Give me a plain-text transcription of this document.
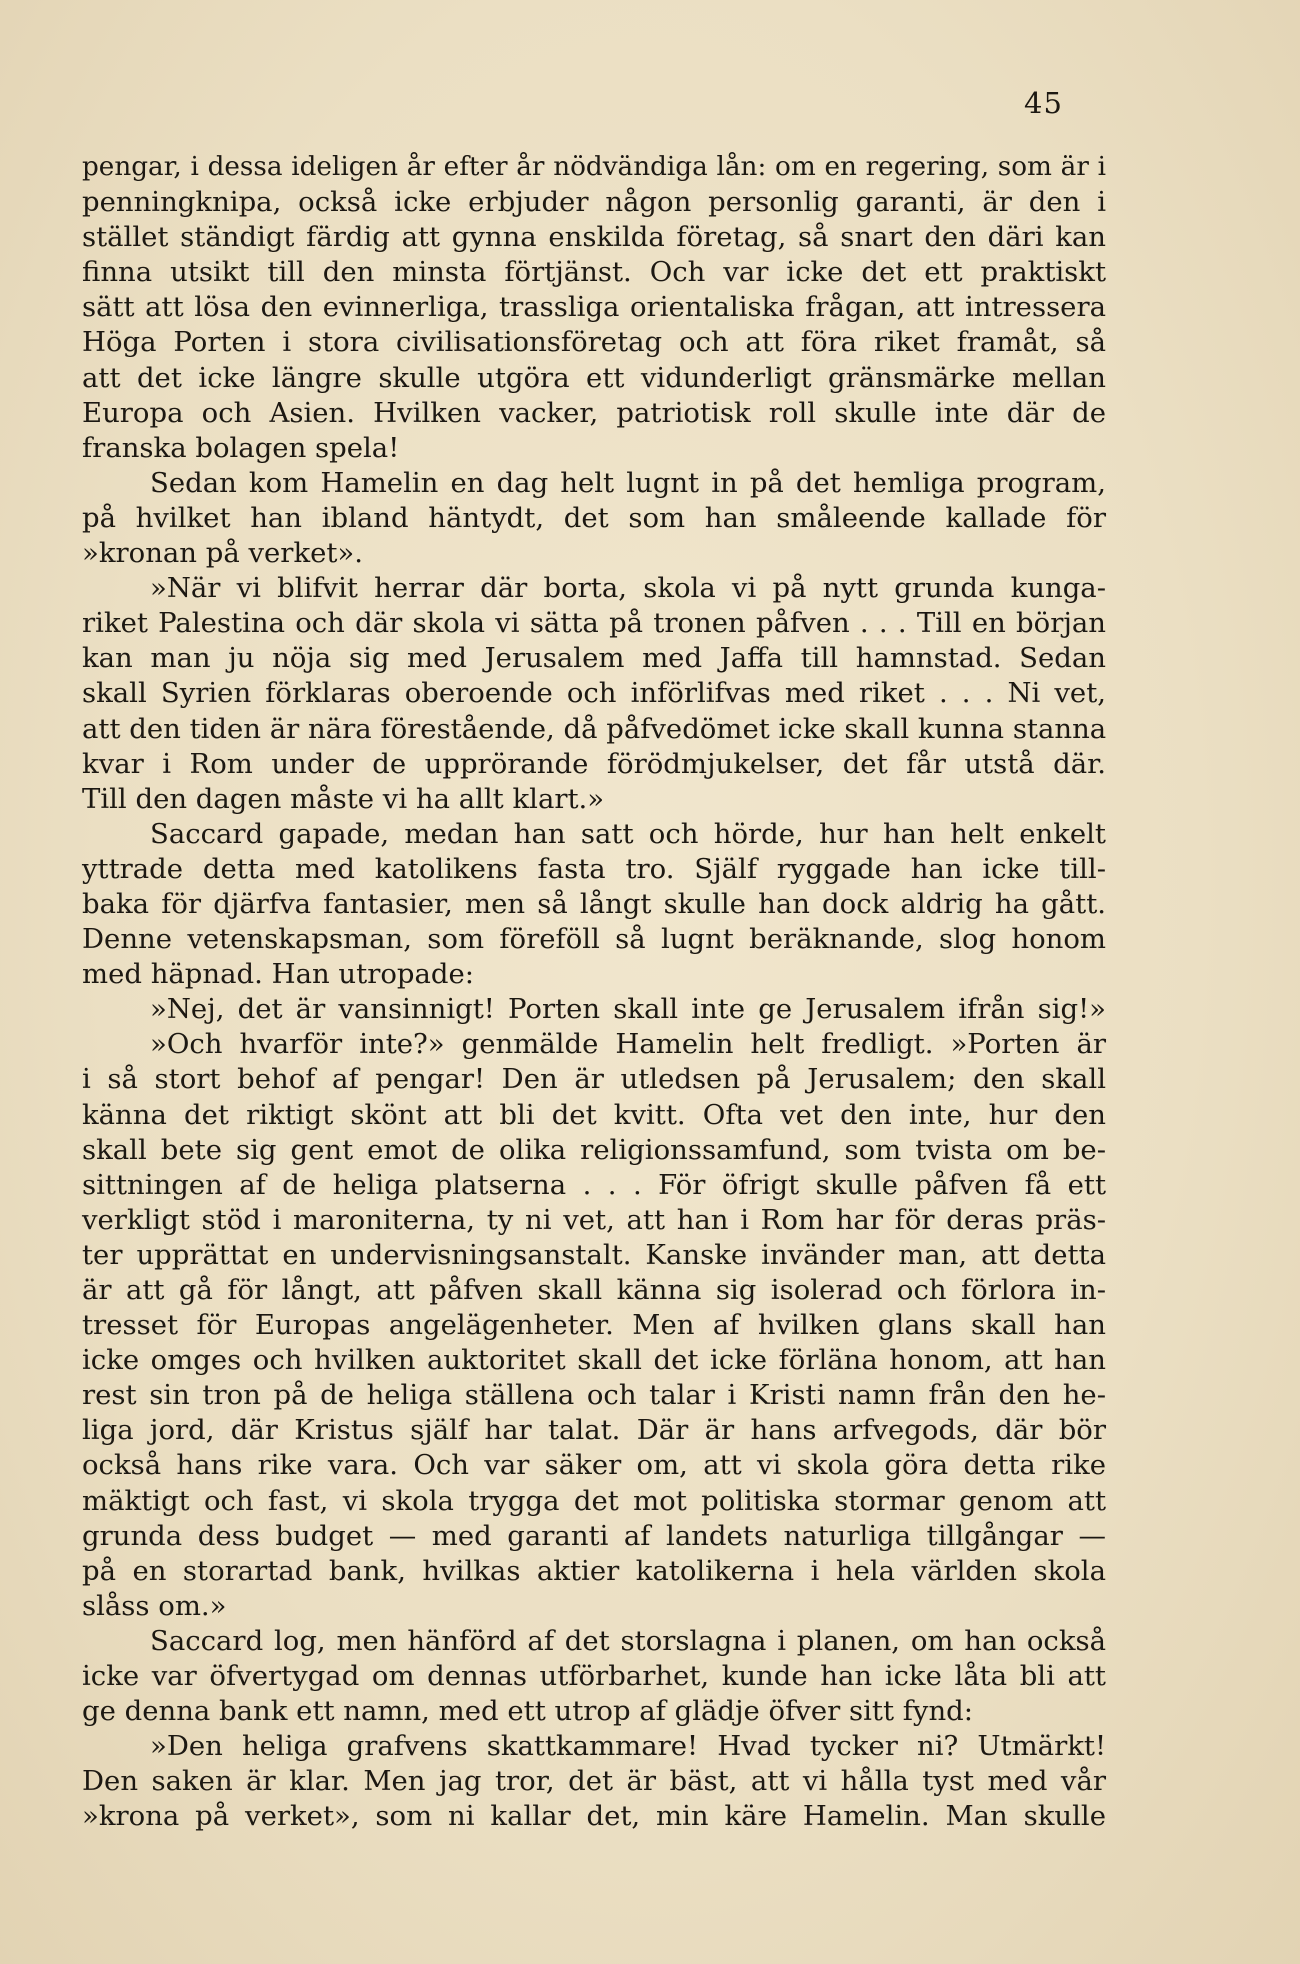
45
pengar, i dessa ideligen år efter år nödvändiga lån: om en regering, som är i
penningknipa, också icke erbjuder någon personlig garanti, är den i
stället ständigt färdig att gynna enskilda företag, så snart den däri kan
finna utsikt till den minsta förtjänst. Och var icke det ett praktiskt
sätt att lösa den evinnerliga, trassliga orientaliska frågan, att intressera
Höga Porten i stora civilisationsföretag och att föra riket framåt, så
att det icke längre skulle utgöra ett vidunderligt gränsmärke mellan
Europa och Asien. Hvilken vacker, patriotisk roll skulle inte där de
franska bolagen spela!
Sedan kom Hamelin en dag helt lugnt in på det hemliga program,
på hvilket han ibland häntydt, det som han småleende kallade för
»kronan på verket».
»När vi blifvit herrar där borta, skola vi på nytt grunda kunga-
riket Palestina och där skola vi sätta på tronen påfven . . . Till en början
kan man ju nöja sig med Jerusalem med Jaffa till hamnstad. Sedan
skall Syrien förklaras oberoende och införlifvas med riket . . . Ni vet,
att den tiden är nära förestående, då påfvedömet icke skall kunna stanna
kvar i Rom under de upprörande förödmjukelser, det får utstå där.
Till den dagen måste vi ha allt klart.»
Saccard gapade, medan han satt och hörde, hur han helt enkelt
yttrade detta med katolikens fasta tro. Själf ryggade han icke till-
baka för djärfva fantasier, men så långt skulle han dock aldrig ha gått.
Denne vetenskapsman, som föreföll så lugnt beräknande, slog honom
med häpnad. Han utropade:
»Nej, det är vansinnigt! Porten skall inte ge Jerusalem ifrån sig!»
»Och hvarför inte?» genmälde Hamelin helt fredligt. »Porten är
i så stort behof af pengar! Den är utledsen på Jerusalem; den skall
känna det riktigt skönt att bli det kvitt. Ofta vet den inte, hur den
skall bete sig gent emot de olika religionssamfund, som tvista om be-
sittningen af de heliga platserna . . . För öfrigt skulle påfven få ett
verkligt stöd i maroniterna, ty ni vet, att han i Rom har för deras präs-
ter upprättat en undervisningsanstalt. Kanske invänder man, att detta
är att gå för långt, att påfven skall känna sig isolerad och förlora in-
tresset för Europas angelägenheter. Men af hvilken glans skall han
icke omges och hvilken auktoritet skall det icke förläna honom, att han
rest sin tron på de heliga ställena och talar i Kristi namn från den he-
liga jord, där Kristus själf har talat. Där är hans arfvegods, där bör
också hans rike vara. Och var säker om, att vi skola göra detta rike
mäktigt och fast, vi skola trygga det mot politiska stormar genom att
grunda dess budget — med garanti af landets naturliga tillgångar —
på en storartad bank, hvilkas aktier katolikerna i hela världen skola
slåss om.»
Saccard log, men hänförd af det storslagna i planen, om han också
icke var öfvertygad om dennas utförbarhet, kunde han icke låta bli att
ge denna bank ett namn, med ett utrop af glädje öfver sitt fynd:
»Den heliga grafvens skattkammare! Hvad tycker ni? Utmärkt!
Den saken är klar. Men jag tror, det är bäst, att vi hålla tyst med vår
»krona på verket», som ni kallar det, min käre Hamelin. Man skulle
